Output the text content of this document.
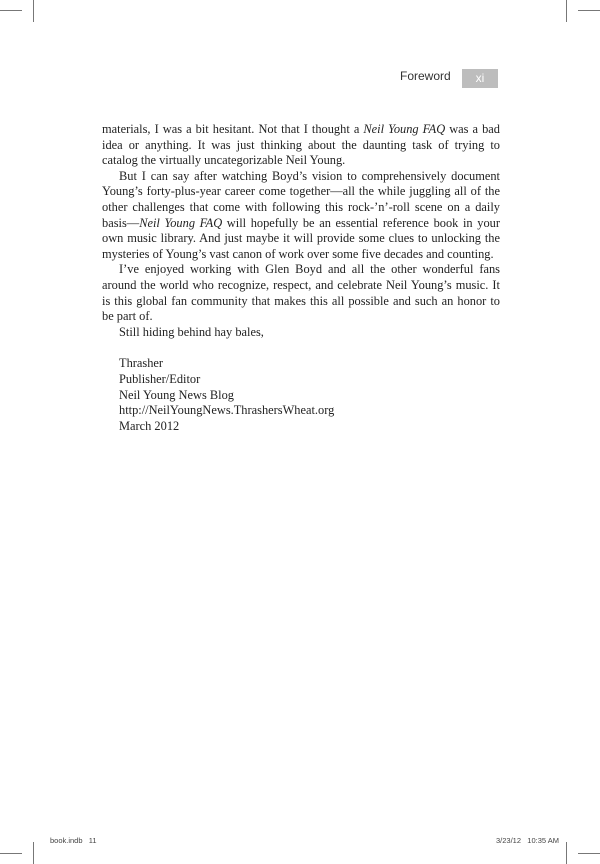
Foreword	xi

materials, I was a bit hesitant. Not that I thought a Neil Young FAQ was a bad idea or anything. It was just thinking about the daunting task of trying to catalog the virtually uncategorizable Neil Young.

But I can say after watching Boyd’s vision to comprehensively document Young’s forty-plus-year career come together—all the while juggling all of the other challenges that come with following this rock-’n’-roll scene on a daily basis—Neil Young FAQ will hopefully be an essential reference book in your own music library. And just maybe it will provide some clues to unlocking the mysteries of Young’s vast canon of work over some five decades and counting.

I’ve enjoyed working with Glen Boyd and all the other wonderful fans around the world who recognize, respect, and celebrate Neil Young’s music. It is this global fan community that makes this all possible and such an honor to be part of.

Still hiding behind hay bales,

Thrasher
Publisher/Editor
Neil Young News Blog
http://NeilYoungNews.ThrashersWheat.org
March 2012
book.indb   11	3/23/12   10:35 AM
